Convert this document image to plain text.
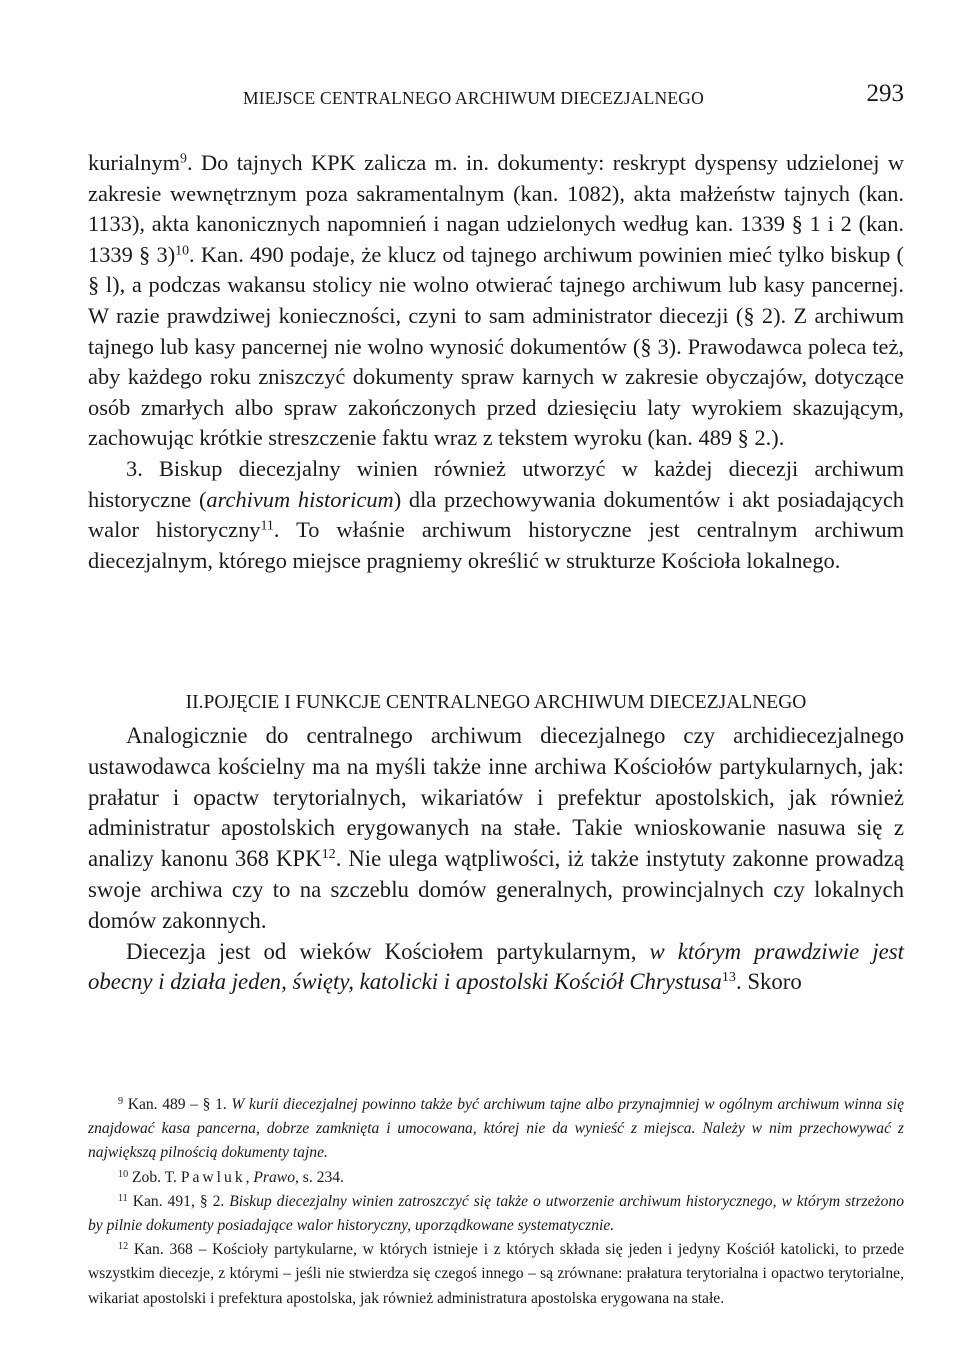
MIEJSCE CENTRALNEGO ARCHIWUM DIECEZJALNEGO	293

kurialnym$^9$. Do tajnych KPK zalicza m. in. dokumenty: reskrypt dyspensy udzielonej w zakresie wewnętrznym poza sakramentalnym (kan. 1082), akta małżeństw tajnych (kan. 1133), akta kanonicznych napomnień i nagan udzielonych według kan. 1339 § 1 i 2 (kan. 1339 § 3)$^{10}$. Kan. 490 podaje, że klucz od tajnego archiwum powinien mieć tylko biskup ( § l), a podczas wakansu stolicy nie wolno otwierać tajnego archiwum lub kasy pancernej. W razie prawdziwej konieczności, czyni to sam administrator diecezji (§ 2). Z archiwum tajnego lub kasy pancernej nie wolno wynosić dokumentów (§ 3). Prawodawca poleca też, aby każdego roku zniszczyć dokumenty spraw karnych w zakresie obyczajów, dotyczące osób zmarłych albo spraw zakończonych przed dziesięciu laty wyrokiem skazującym, zachowując krótkie streszczenie faktu wraz z tekstem wyroku (kan. 489 § 2.).

3. Biskup diecezjalny winien również utworzyć w każdej diecezji archiwum historyczne (archivum historicum) dla przechowywania dokumentów i akt posiadających walor historyczny$^{11}$. To właśnie archiwum historyczne jest centralnym archiwum diecezjalnym, którego miejsce pragniemy określić w strukturze Kościoła lokalnego.

II.POJĘCIE I FUNKCJE CENTRALNEGO ARCHIWUM DIECEZJALNEGO

Analogicznie do centralnego archiwum diecezjalnego czy archidiecezjalnego ustawodawca kościelny ma na myśli także inne archiwa Kościołów partykularnych, jak: prałatur i opactw terytorialnych, wikariatów i prefektur apostolskich, jak również administratur apostolskich erygowanych na stałe. Takie wnioskowanie nasuwa się z analizy kanonu 368 KPK$^{12}$. Nie ulega wątpliwości, iż także instytuty zakonne prowadzą swoje archiwa czy to na szczeblu domów generalnych, prowincjalnych czy lokalnych domów zakonnych.

Diecezja jest od wieków Kościołem partykularnym, w którym prawdziwie jest obecny i działa jeden, święty, katolicki i apostolski Kościół Chrystusa$^{13}$. Skoro

$^9$ Kan. 489 – § 1. W kurii diecezjalnej powinno także być archiwum tajne albo przynajmniej w ogólnym archiwum winna się znajdować kasa pancerna, dobrze zamknięta i umocowana, której nie da wynieść z miejsca. Należy w nim przechowywać z największą pilnością dokumenty tajne.

$^{10}$ Zob. T. Pawluk, Prawo, s. 234.

$^{11}$ Kan. 491, § 2. Biskup diecezjalny winien zatroszczyć się także o utworzenie archiwum historycznego, w którym strzeżono by pilnie dokumenty posiadające walor historyczny, uporządkowane systematycznie.

$^{12}$ Kan. 368 – Kościoły partykularne, w których istnieje i z których składa się jeden i jedyny Kościół katolicki, to przede wszystkim diecezje, z którymi – jeśli nie stwierdza się czegoś innego – są zrównane: prałatura terytorialna i opactwo terytorialne, wikariat apostolski i prefektura apostolska, jak również administratura apostolska erygowana na stałe.
